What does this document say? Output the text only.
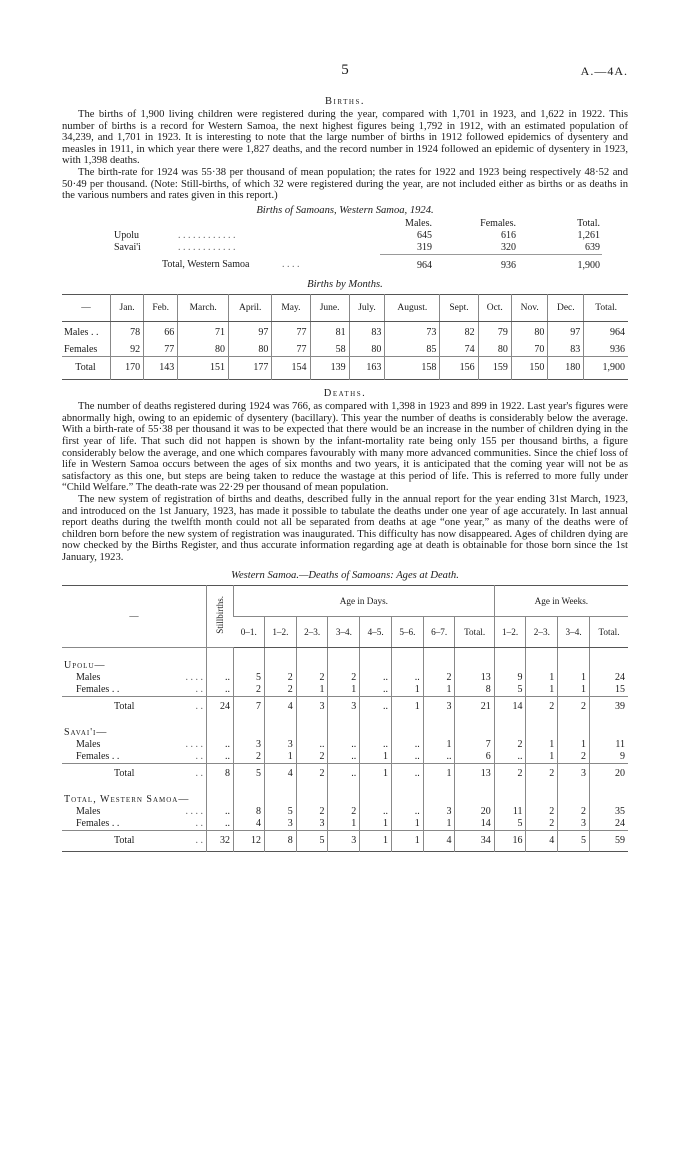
5	A.—4A.
Births.

The births of 1,900 living children were registered during the year, compared with 1,701 in 1923, and 1,622 in 1922. This number of births is a record for Western Samoa, the next highest figures being 1,792 in 1912, with an estimated population of 34,239, and 1,701 in 1923. It is interesting to note that the large number of births in 1912 followed epidemics of dysentery and measles in 1911, in which year there were 1,827 deaths, and the record number in 1924 followed an epidemic of dysentery in 1923, with 1,398 deaths.

The birth-rate for 1924 was 55·38 per thousand of mean population; the rates for 1922 and 1923 being respectively 48·52 and 50·49 per thousand. (Note: Still-births, of which 32 were registered during the year, are not included either as births or as deaths in the various numbers and rates given in this report.)

Births of Samoans, Western Samoa, 1924.
		Males.	Females.	Total.
Upolu	. . . . . . . . . . . .	645	616	1,261
Savai'i	. . . . . . . . . . . .	319	320	639
Total, Western Samoa . . . .		964	936	1,900
Births by Months.
—	Jan.	Feb.	March.	April.	May.	June.	July.	August.	Sept.	Oct.	Nov.	Dec.	Total.
Males . .	78	66	71	97	77	81	83	73	82	79	80	97	964
Females	92	77	80	80	77	58	80	85	74	80	70	83	936
Total	170	143	151	177	154	139	163	158	156	159	150	180	1,900
Deaths.

The number of deaths registered during 1924 was 766, as compared with 1,398 in 1923 and 899 in 1922. Last year's figures were abnormally high, owing to an epidemic of dysentery (bacillary). This year the number of deaths is considerably below the average. With a birth-rate of 55·38 per thousand it was to be expected that there would be an increase in the number of children dying in the first year of life. That such did not happen is shown by the infant-mortality rate being only 155 per thousand births, a figure considerably below the average, and one which compares favourably with many more advanced communities. Since the chief loss of life in Western Samoa occurs between the ages of six months and two years, it is anticipated that the coming year will not be as satisfactory as this one, but steps are being taken to reduce the wastage at this period of life. This is referred to more fully under “Child Welfare.” The death-rate was 22·29 per thousand of mean population.

The new system of registration of births and deaths, described fully in the annual report for the year ending 31st March, 1923, and introduced on the 1st January, 1923, has made it possible to tabulate the deaths under one year of age accurately. In last annual report deaths during the twelfth month could not all be separated from deaths at age “one year,” as many of the deaths were of children born before the new system of registration was inaugurated. This difficulty has now disappeared. Ages of children dying are now checked by the Births Register, and thus accurate information regarding age at death is obtainable for those born since the 1st January, 1923.

Western Samoa.—Deaths of Samoans: Ages at Death.
—	Stillbirths.	Age in Days.								Age in Weeks.			
		0–1.	1–2.	2–3.	3–4.	4–5.	5–6.	6–7.	Total.	1–2.	2–3.	3–4.	Total.
Upolu—													
Males . . . .	..	5	2	2	2	..	..	2	13	9	1	1	24
Females . . . .	..	2	2	1	1	..	1	1	8	5	1	1	15
Total . .	24	7	4	3	3	..	1	3	21	14	2	2	39
Savai'i—													
Males . . . .	..	3	3	..	..	..	..	1	7	2	1	1	11
Females . . . .	..	2	1	2	..	1	..	..	6	..	1	2	9
Total . .	8	5	4	2	..	1	..	1	13	2	2	3	20
Total, Western Samoa—													
Males . . . .	..	8	5	2	2	..	..	3	20	11	2	2	35
Females . . . .	..	4	3	3	1	1	1	1	14	5	2	3	24
Total . .	32	12	8	5	3	1	1	4	34	16	4	5	59
